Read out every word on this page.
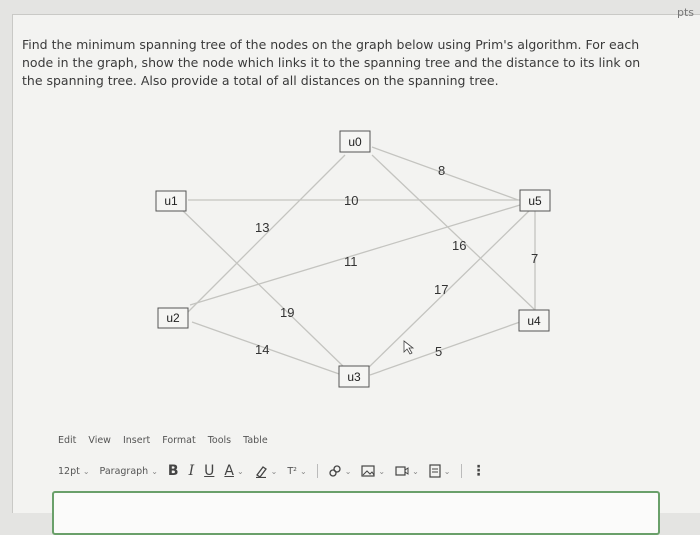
pts
Find the minimum spanning tree of the nodes on the graph below using Prim's algorithm. For each node in the graph, show the node which links it to the spanning tree and the distance to its link on the spanning tree. Also provide a total of all distances on the spanning tree.
8
10
13
16
11	7
17
19
14	5
u0
u1
u2
u3
u4
u5
Edit View Insert Format Tools Table
12pt ⌄ Paragraph ⌄ B I U A ⌄	⌄ T² ⌄	⌄	⌄	⌄	⌄ ⋮
